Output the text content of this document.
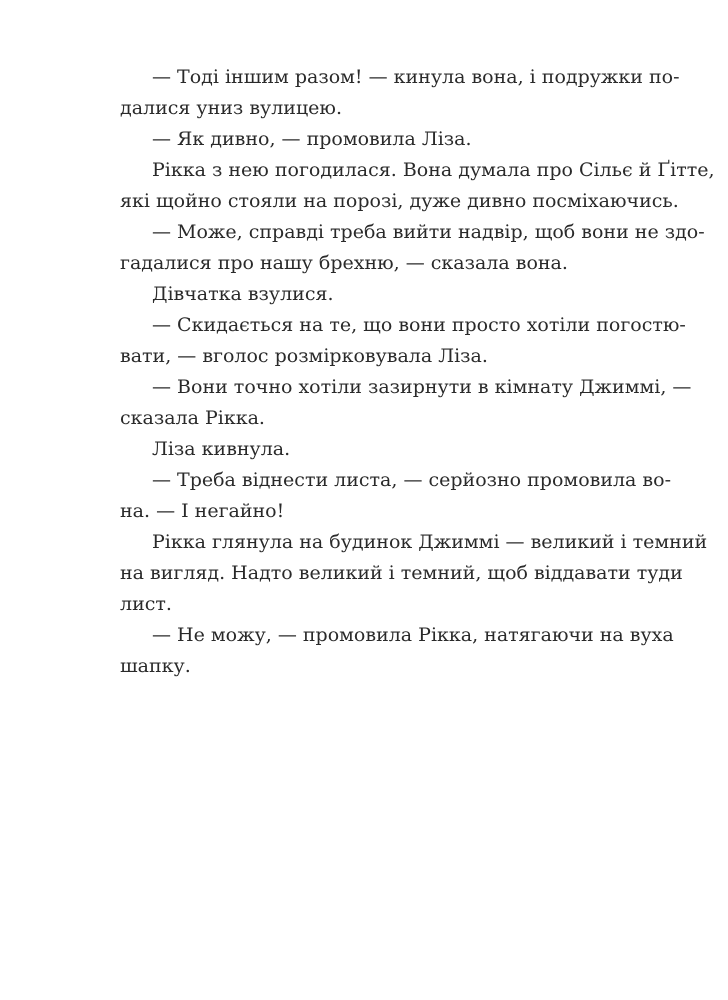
— Тоді іншим разом! — кинула вона, і подружки по-
далися униз вулицею.
— Як дивно, — промовила Ліза.
Рікка з нею погодилася. Вона думала про Сільє й Ґітте,
які щойно стояли на порозі, дуже дивно посміхаючись.
— Може, справді треба вийти надвір, щоб вони не здо-
гадалися про нашу брехню, — сказала вона.
Дівчатка взулися.
— Скидається на те, що вони просто хотіли погостю-
вати, — вголос розмірковувала Ліза.
— Вони точно хотіли зазирнути в кімнату Джиммі, —
сказала Рікка.
Ліза кивнула.
— Треба віднести листа, — серйозно промовила во-
на. — І негайно!
Рікка глянула на будинок Джиммі — великий і темний
на вигляд. Надто великий і темний, щоб віддавати туди
лист.
— Не можу, — промовила Рікка, натягаючи на вуха
шапку.
